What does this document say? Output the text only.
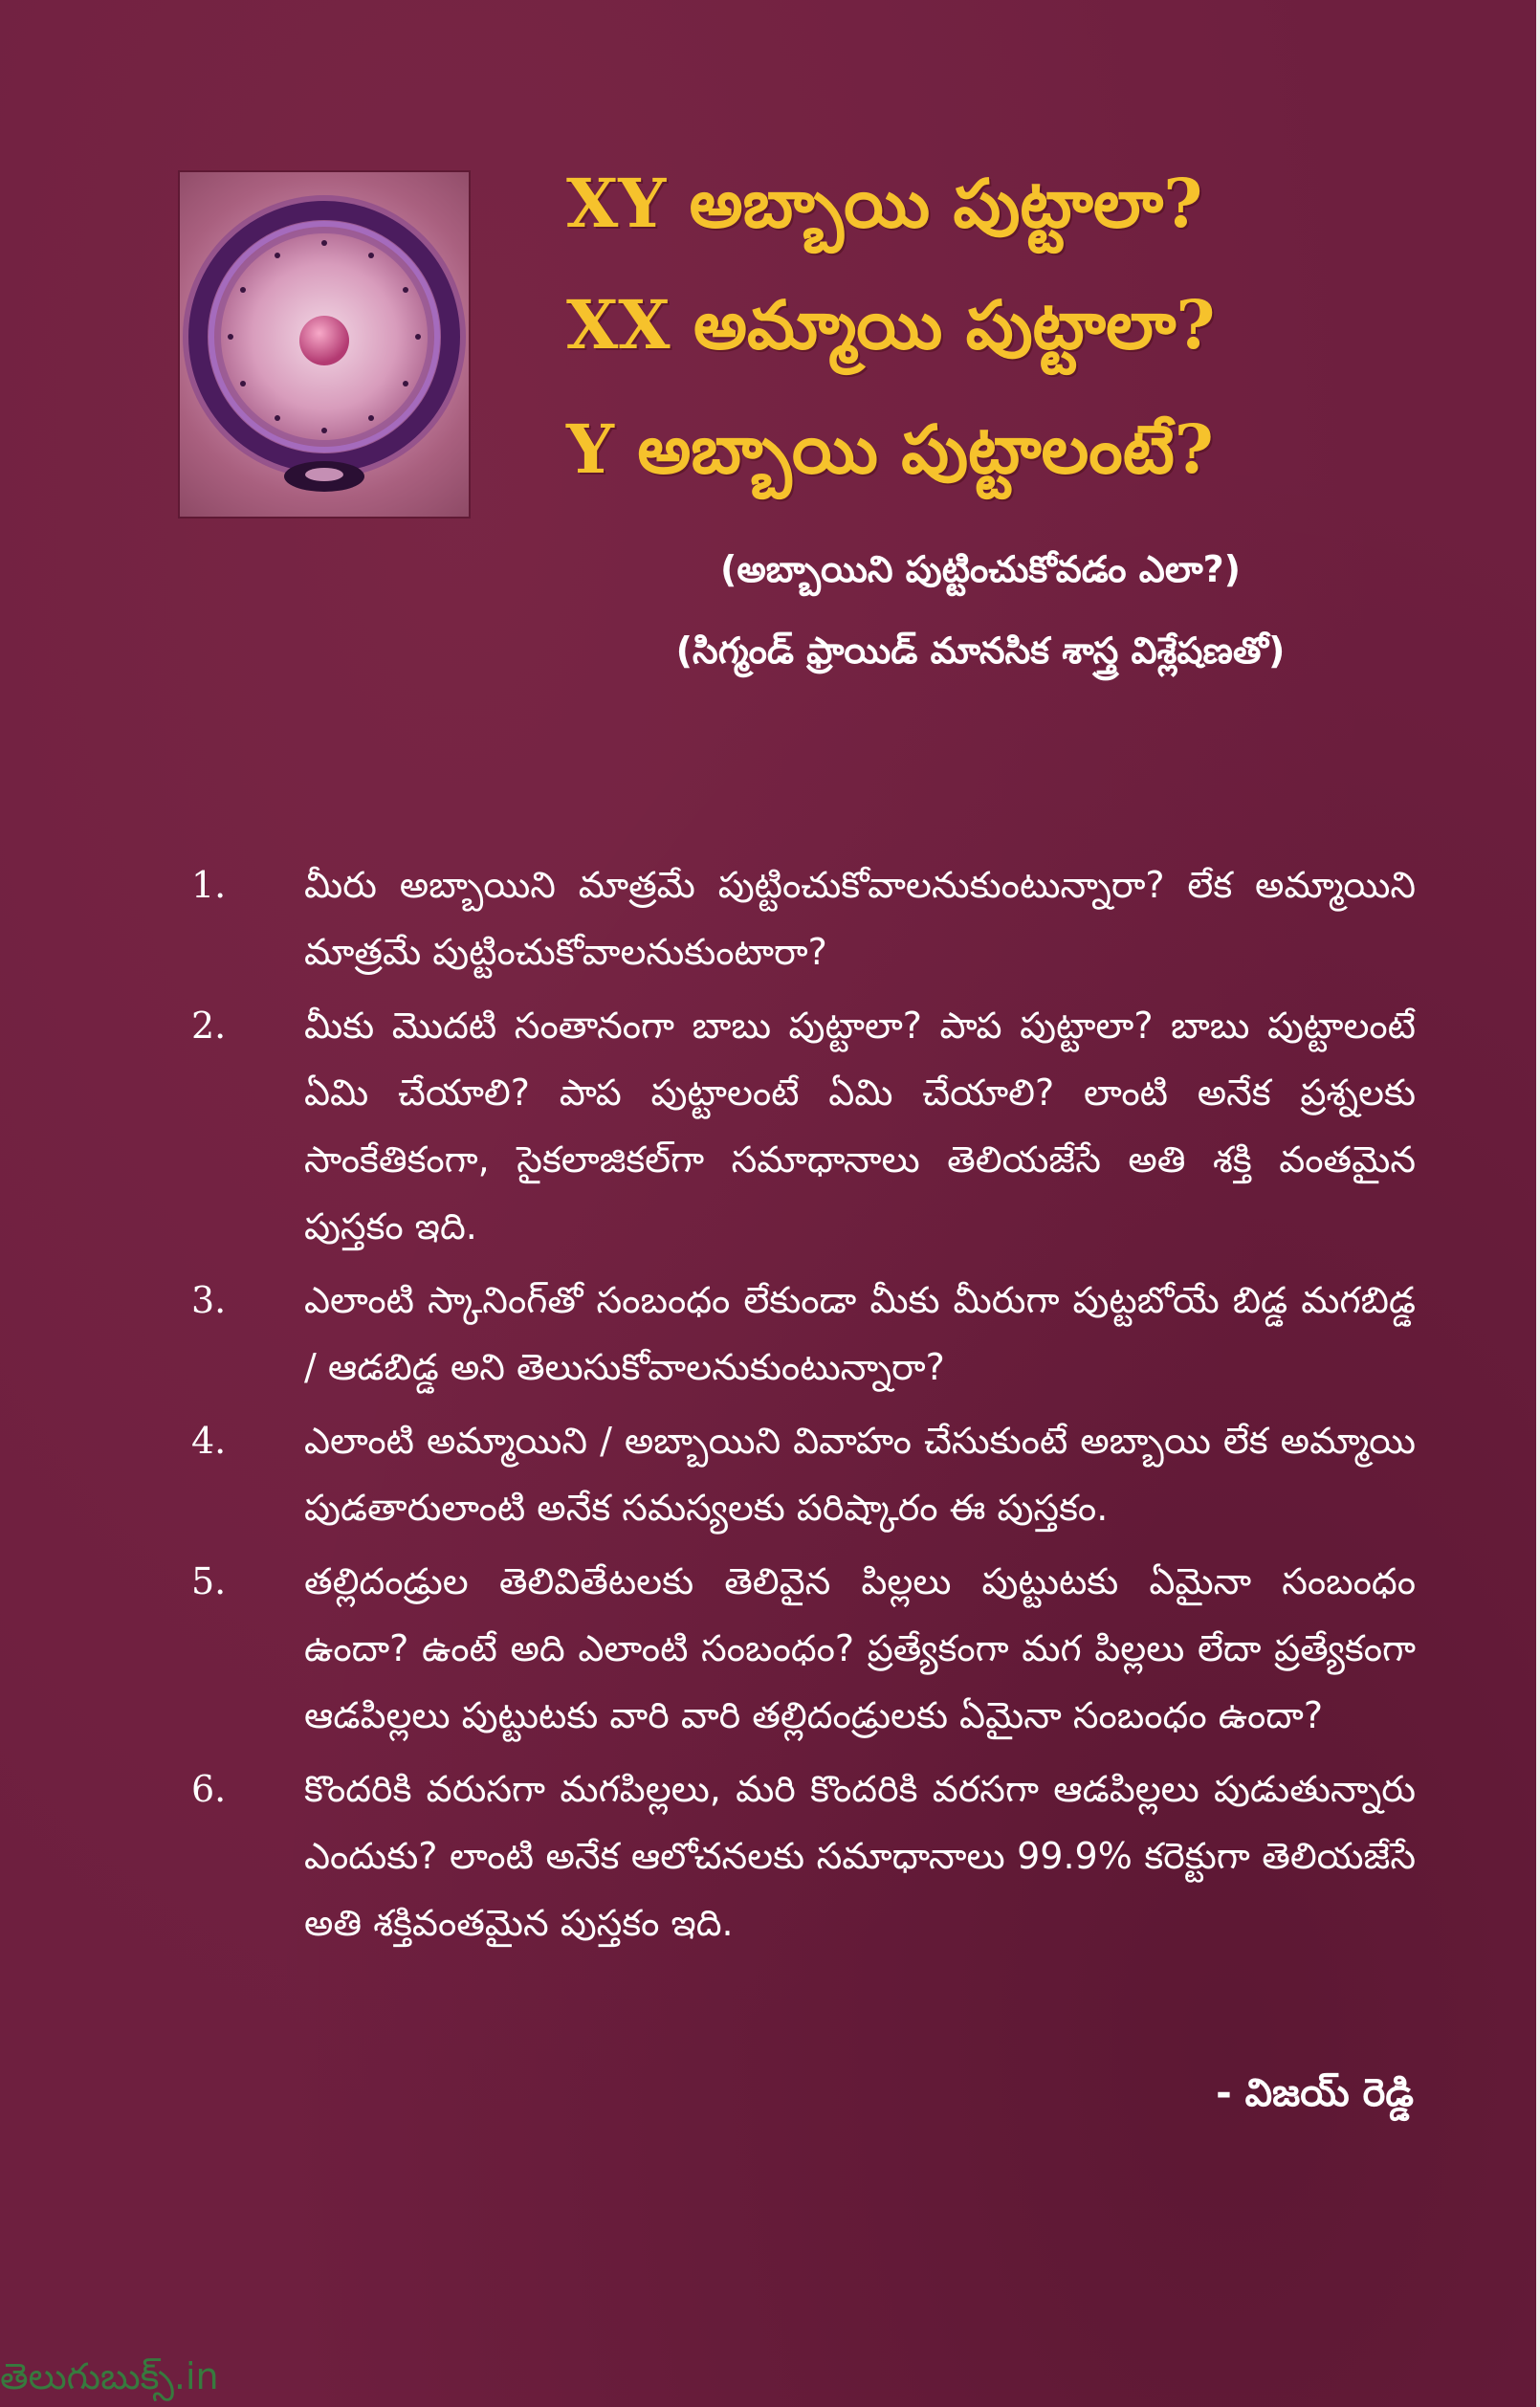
XY అబ్బాయి పుట్టాలా?
XX అమ్మాయి పుట్టాలా?
Y అబ్బాయి పుట్టాలంటే?

(అబ్బాయిని పుట్టించుకోవడం ఎలా?)

(సిగ్మండ్ ఫ్రాయిడ్ మానసిక శాస్త్ర విశ్లేషణతో)

1.	మీరు అబ్బాయిని మాత్రమే పుట్టించుకోవాలనుకుంటున్నారా? లేక అమ్మాయిని మాత్రమే పుట్టించుకోవాలనుకుంటారా?
2.	మీకు మొదటి సంతానంగా బాబు పుట్టాలా? పాప పుట్టాలా? బాబు పుట్టాలంటే ఏమి చేయాలి? పాప పుట్టాలంటే ఏమి చేయాలి? లాంటి అనేక ప్రశ్నలకు సాంకేతికంగా, సైకలాజికల్‌గా సమాధానాలు తెలియజేసే అతి శక్తి వంతమైన పుస్తకం ఇది.
3.	ఎలాంటి స్కానింగ్‌తో సంబంధం లేకుండా మీకు మీరుగా పుట్టబోయే బిడ్డ మగబిడ్డ / ఆడబిడ్డ అని తెలుసుకోవాలనుకుంటున్నారా?
4.	ఎలాంటి అమ్మాయిని / అబ్బాయిని వివాహం చేసుకుంటే అబ్బాయి లేక అమ్మాయి పుడతారులాంటి అనేక సమస్యలకు పరిష్కారం ఈ పుస్తకం.
5.	తల్లిదండ్రుల తెలివితేటలకు తెలివైన పిల్లలు పుట్టుటకు ఏమైనా సంబంధం ఉందా? ఉంటే అది ఎలాంటి సంబంధం? ప్రత్యేకంగా మగ పిల్లలు లేదా ప్రత్యేకంగా ఆడపిల్లలు పుట్టుటకు వారి వారి తల్లిదండ్రులకు ఏమైనా సంబంధం ఉందా?
6.	కొందరికి వరుసగా మగపిల్లలు, మరి కొందరికి వరసగా ఆడపిల్లలు పుడుతున్నారు ఎందుకు? లాంటి అనేక ఆలోచనలకు సమాధానాలు 99.9% కరెక్టుగా తెలియజేసే అతి శక్తివంతమైన పుస్తకం ఇది.

- విజయ్ రెడ్డి

తెలుగుబుక్స్.in
